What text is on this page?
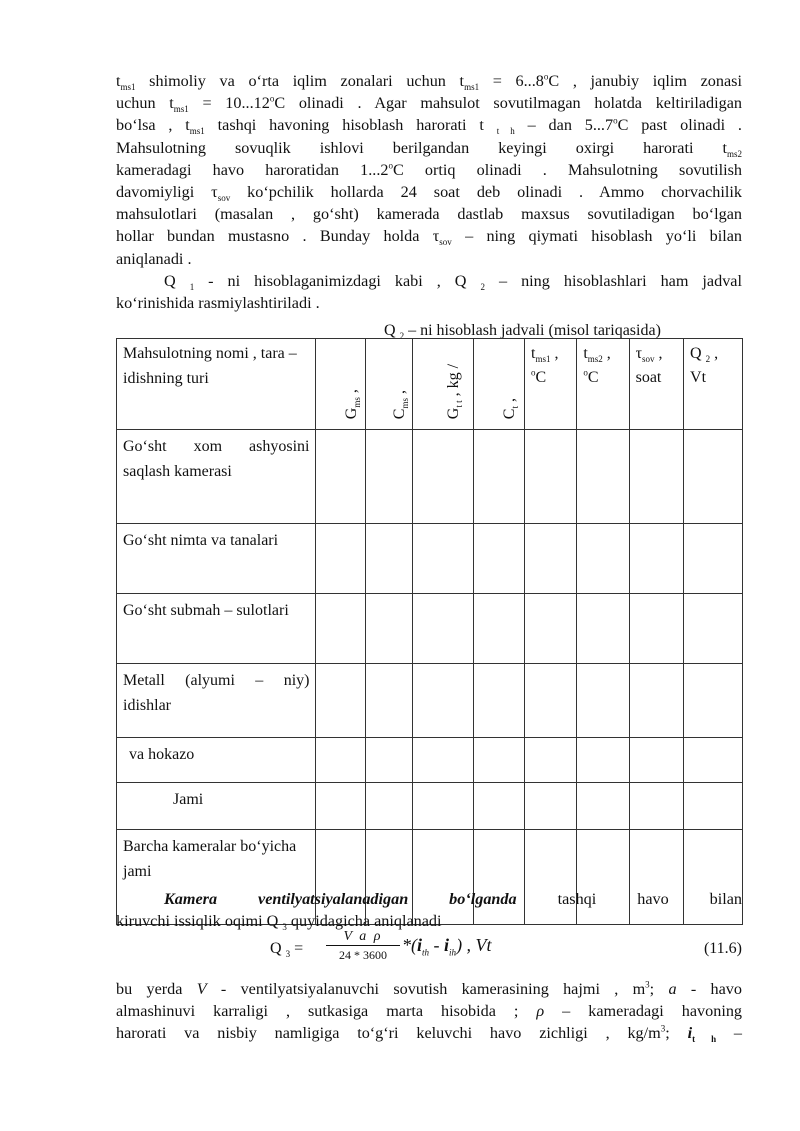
$t_{ms1}$ shimoliy va o‘rta iqlim zonalari uchun $t_{ms1} = 6...8^oC$ , janubiy iqlim zonasi
uchun $t_{ms1} = 10...12^oC$ olinadi . Agar mahsulot sovutilmagan holatda keltiriladigan
bo‘lsa , $t_{ms1}$ tashqi havoning hisoblash harorati t $_{t h}$ – dan 5...7$^o$C past olinadi .
Mahsulotning sovuqlik ishlovi berilgandan keyingi oxirgi harorati $t_{ms2}$
kameradagi havo haroratidan 1...2$^o$C ortiq olinadi . Mahsulotning sovutilish
davomiyligi $\tau_{sov}$ ko‘pchilik hollarda 24 soat deb olinadi . Ammo chorvachilik
mahsulotlari (masalan , go‘sht) kamerada dastlab maxsus sovutiladigan bo‘lgan
hollar bundan mustasno . Bunday holda $\tau_{sov}$ – ning qiymati hisoblash yo‘li bilan
aniqlanadi .
Q $_1$ - ni hisoblaganimizdagi kabi , Q $_2$ – ning hisoblashlari ham jadval
ko‘rinishida rasmiylashtiriladi .
Q $_2$ – ni hisoblash jadvali (misol tariqasida)
Mahsulotning nomi , tara – idishning turi	$G_{ms}$ ,	$C_{ms}$ ,	$G_{t t}$ , kg /	$C_t$ ,	$t_{ms1}$ ,
$^o$C	$t_{ms2}$ ,
$^o$C	$\tau_{sov}$ ,
soat	Q $_2$ ,
Vt
Go‘sht xom ashyosini saqlash kamerasi								
Go‘sht nimta va tanalari								
Go‘sht submah – sulotlari								
Metall (alyumi – niy) idishlar								
va hokazo								
Jami								
Barcha kameralar bo‘yicha jami								
Kamera ventilyatsiyalanadigan bo‘lganda	tashqi havo bilan
kiruvchi issiqlik oqimi Q $_3$ quyidagicha aniqlanadi
Q $_3 = \frac{\text{V a ρ}}{24 * 3600} *(i_{th} - i_{ih})$ , Vt	(11.6)
bu yerda V - ventilyatsiyalanuvchi sovutish kamerasining hajmi , $m^3$; a - havo
almashinuvi karraligi , sutkasiga marta hisobida ; ρ – kameradagi havoning
harorati va nisbiy namligiga to‘g‘ri keluvchi havo zichligi , $kg/m^3$; $i_{t h}$ –
